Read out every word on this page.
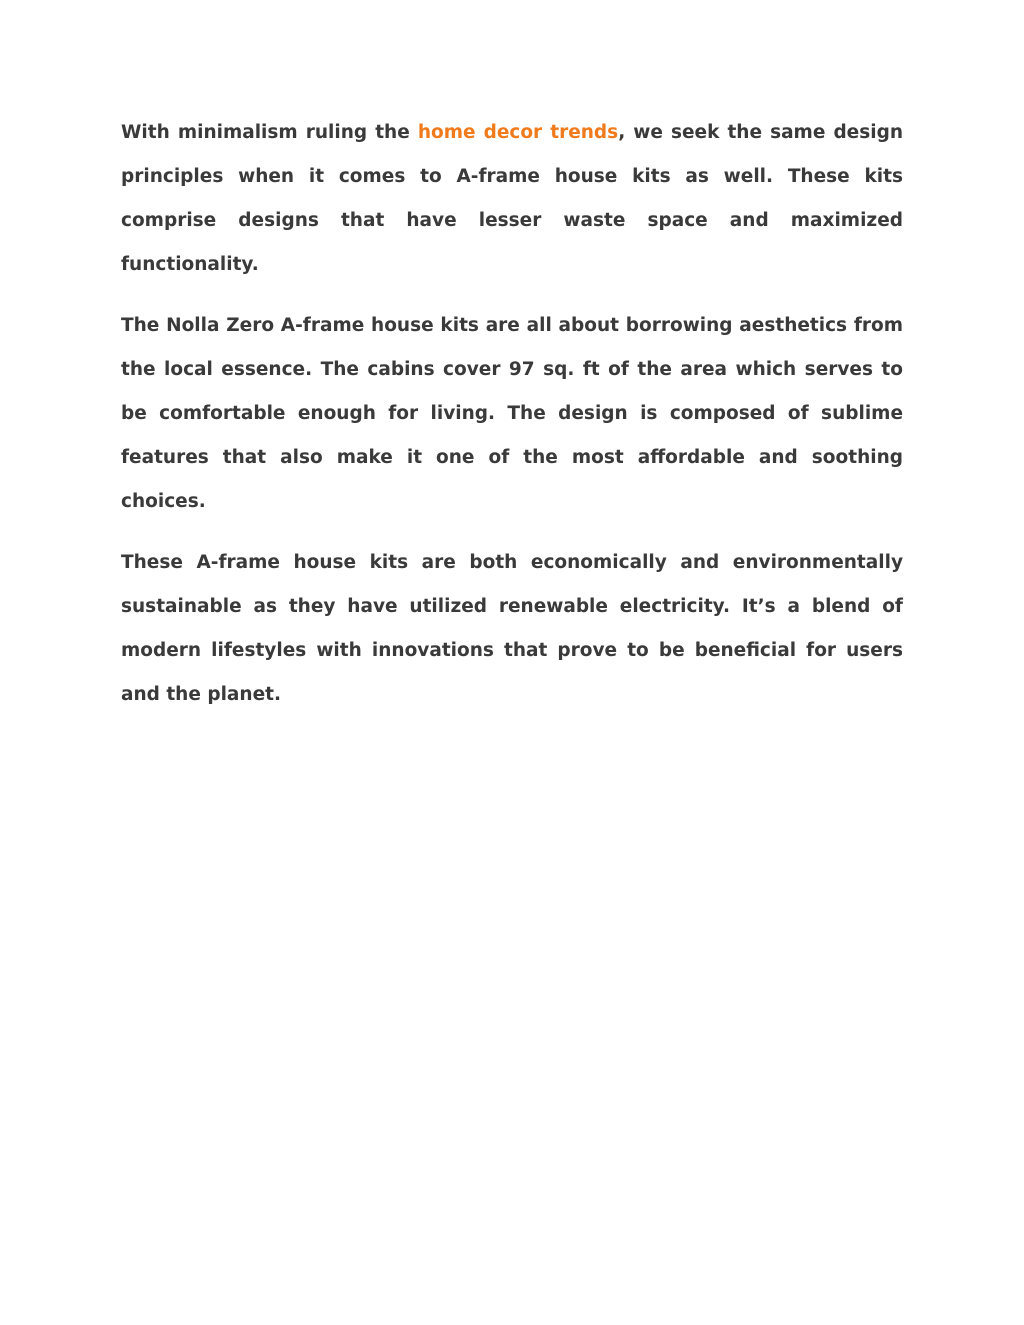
With minimalism ruling the home decor trends, we seek the same design principles when it comes to A-frame house kits as well. These kits comprise designs that have lesser waste space and maximized functionality.

The Nolla Zero A-frame house kits are all about borrowing aesthetics from the local essence. The cabins cover 97 sq. ft of the area which serves to be comfortable enough for living. The design is composed of sublime features that also make it one of the most affordable and soothing choices.

These A-frame house kits are both economically and environmentally sustainable as they have utilized renewable electricity. It’s a blend of modern lifestyles with innovations that prove to be beneficial for users and the planet.
